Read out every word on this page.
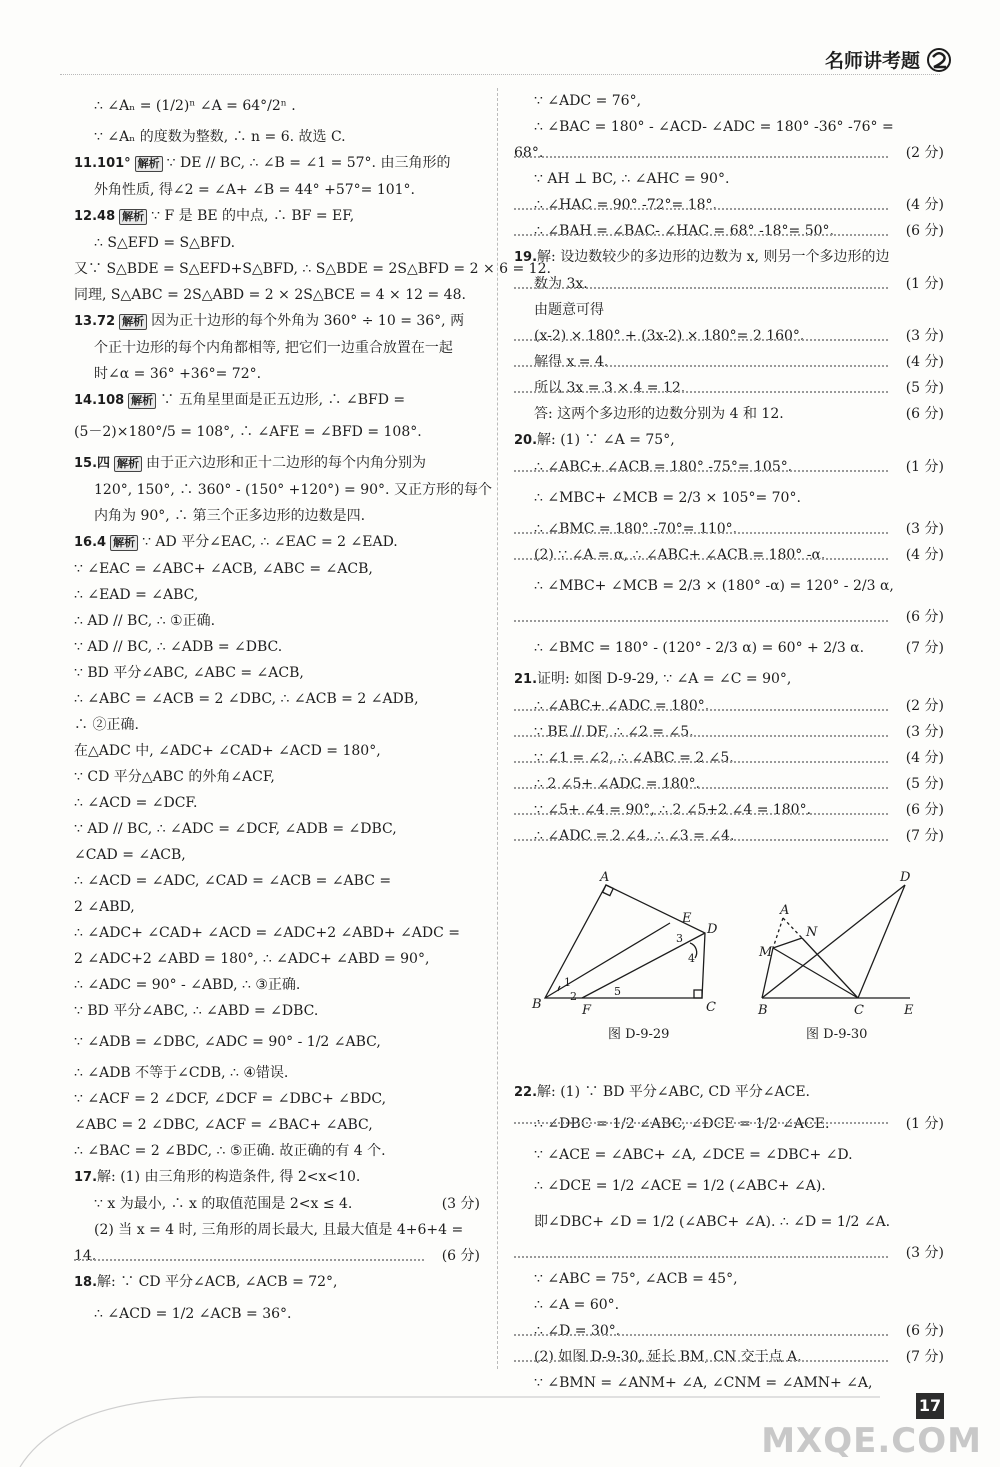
名师讲考题
∴ ∠Aₙ = (1/2)ⁿ ∠A = 64°/2ⁿ .
∵ ∠Aₙ 的度数为整数, ∴ n = 6. 故选 C.
11.101° 解析 ∵ DE // BC, ∴ ∠B = ∠1 = 57°. 由三角形的
外角性质, 得∠2 = ∠A+ ∠B = 44° +57°= 101°.
12.48 解析 ∵ F 是 BE 的中点, ∴ BF = EF,
∴ S△EFD = S△BFD.
又∵ S△BDE = S△EFD+S△BFD, ∴ S△BDE = 2S△BFD = 2 × 6 = 12.
同理, S△ABC = 2S△ABD = 2 × 2S△BCE = 4 × 12 = 48.
13.72 解析 因为正十边形的每个外角为 360° ÷ 10 = 36°, 两
个正十边形的每个内角都相等, 把它们一边重合放置在一起
时∠α = 36° +36°= 72°.
14.108 解析 ∵ 五角星里面是正五边形, ∴ ∠BFD =
(5－2)×180°/5 = 108°, ∴ ∠AFE = ∠BFD = 108°.
15.四 解析 由于正六边形和正十二边形的每个内角分别为
120°, 150°, ∴ 360° - (150° +120°) = 90°. 又正方形的每个
内角为 90°, ∴ 第三个正多边形的边数是四.
16.4 解析 ∵ AD 平分∠EAC, ∴ ∠EAC = 2 ∠EAD.
∵ ∠EAC = ∠ABC+ ∠ACB, ∠ABC = ∠ACB,
∴ ∠EAD = ∠ABC,
∴ AD // BC, ∴ ①正确.
∵ AD // BC, ∴ ∠ADB = ∠DBC.
∵ BD 平分∠ABC, ∠ABC = ∠ACB,
∴ ∠ABC = ∠ACB = 2 ∠DBC, ∴ ∠ACB = 2 ∠ADB,
∴ ②正确.
在△ADC 中, ∠ADC+ ∠CAD+ ∠ACD = 180°,
∵ CD 平分△ABC 的外角∠ACF,
∴ ∠ACD = ∠DCF.
∵ AD // BC, ∴ ∠ADC = ∠DCF, ∠ADB = ∠DBC,
∠CAD = ∠ACB,
∴ ∠ACD = ∠ADC, ∠CAD = ∠ACB = ∠ABC =
2 ∠ABD,
∴ ∠ADC+ ∠CAD+ ∠ACD = ∠ADC+2 ∠ABD+ ∠ADC =
2 ∠ADC+2 ∠ABD = 180°, ∴ ∠ADC+ ∠ABD = 90°,
∴ ∠ADC = 90° - ∠ABD, ∴ ③正确.
∵ BD 平分∠ABC, ∴ ∠ABD = ∠DBC.
∵ ∠ADB = ∠DBC, ∠ADC = 90° - 1/2 ∠ABC,
∴ ∠ADB 不等于∠CDB, ∴ ④错误.
∵ ∠ACF = 2 ∠DCF, ∠DCF = ∠DBC+ ∠BDC,
∠ABC = 2 ∠DBC, ∠ACF = ∠BAC+ ∠ABC,
∴ ∠BAC = 2 ∠BDC, ∴ ⑤正确. 故正确的有 4 个.
17.解: (1) 由三角形的构造条件, 得 2<x<10.
∵ x 为最小, ∴ x 的取值范围是 2<x ≤ 4.	(3 分)
(2) 当 x = 4 时, 三角形的周长最大, 且最大值是 4+6+4 =
14.	(6 分)
18.解: ∵ CD 平分∠ACB, ∠ACB = 72°,
∴ ∠ACD = 1/2 ∠ACB = 36°.
∵ ∠ADC = 76°,
∴ ∠BAC = 180° - ∠ACD- ∠ADC = 180° -36° -76° =
68°.	(2 分)
∵ AH ⊥ BC, ∴ ∠AHC = 90°.
∴ ∠HAC = 90° -72°= 18°.	(4 分)
∴ ∠BAH = ∠BAC- ∠HAC = 68° -18°= 50°.	(6 分)
19.解: 设边数较少的多边形的边数为 x, 则另一个多边形的边
数为 3x.	(1 分)
由题意可得
(x-2) × 180° + (3x-2) × 180°= 2 160°.	(3 分)
解得 x = 4.	(4 分)
所以 3x = 3 × 4 = 12.	(5 分)
答: 这两个多边形的边数分别为 4 和 12.	(6 分)
20.解: (1) ∵ ∠A = 75°,
∴ ∠ABC+ ∠ACB = 180° -75°= 105°.	(1 分)
∴ ∠MBC+ ∠MCB = 2/3 × 105°= 70°.
∴ ∠BMC = 180° -70°= 110°.	(3 分)
(2) ∵ ∠A = α, ∴ ∠ABC+ ∠ACB = 180° -α.	(4 分)
∴ ∠MBC+ ∠MCB = 2/3 × (180° -α) = 120° - 2/3 α,
(6 分)
∴ ∠BMC = 180° - (120° - 2/3 α) = 60° + 2/3 α.	(7 分)
21.证明: 如图 D-9-29, ∵ ∠A = ∠C = 90°,
∴ ∠ABC+ ∠ADC = 180°.	(2 分)
∵ BE // DF, ∴ ∠2 = ∠5.	(3 分)
∵ ∠1 = ∠2, ∴ ∠ABC = 2 ∠5.	(4 分)
∴ 2 ∠5+ ∠ADC = 180°.	(5 分)
∵ ∠5+ ∠4 = 90°, ∴ 2 ∠5+2 ∠4 = 180°.	(6 分)
∴ ∠ADC = 2 ∠4. ∴ ∠3 = ∠4.	(7 分)
22.解: (1) ∵ BD 平分∠ABC, CD 平分∠ACE.
∴ ∠DBC = 1/2 ∠ABC, ∠DCE = 1/2 ∠ACE.	(1 分)
∵ ∠ACE = ∠ABC+ ∠A, ∠DCE = ∠DBC+ ∠D.
∴ ∠DCE = 1/2 ∠ACE = 1/2 (∠ABC+ ∠A).
即∠DBC+ ∠D = 1/2 (∠ABC+ ∠A). ∴ ∠D = 1/2 ∠A.
(3 分)
∵ ∠ABC = 75°, ∠ACB = 45°,
∴ ∠A = 60°.
∴ ∠D = 30°.	(6 分)
(2) 如图 D-9-30, 延长 BM, CN 交于点 A.	(7 分)
∵ ∠BMN = ∠ANM+ ∠A, ∠CNM = ∠AMN+ ∠A,
A
E
D
B	F	C
1
2
3
4
5
图 D-9-29
D
A
N
M
B	C	E
图 D-9-30
17
MXQE.COM
